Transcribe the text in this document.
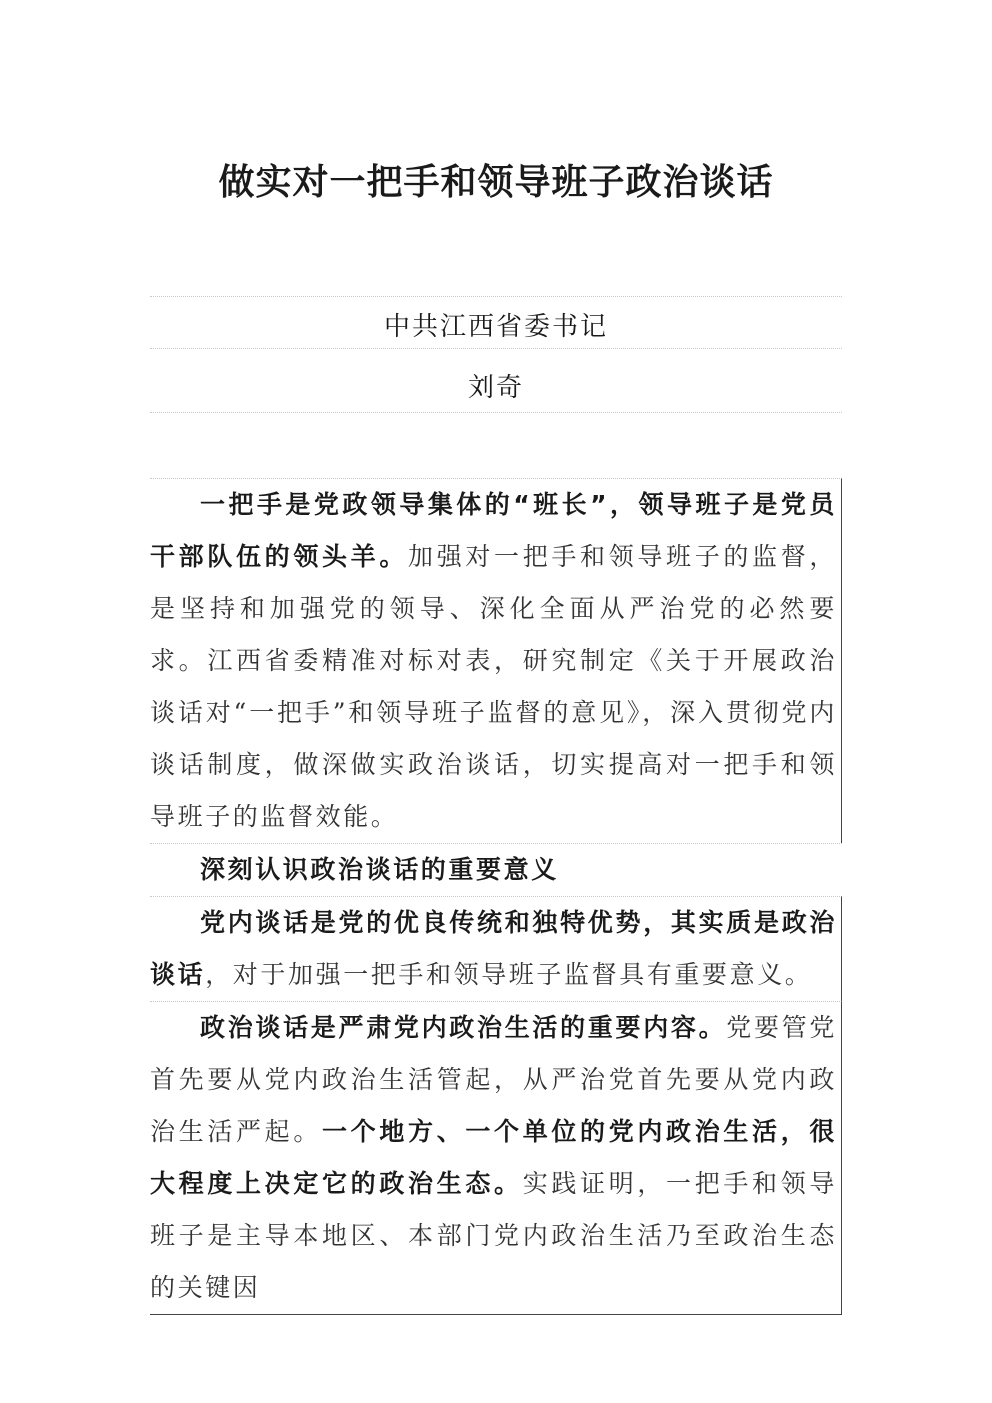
做实对一把手和领导班子政治谈话
中共江西省委书记
刘奇

一把手是党政领导集体的“班长”，领导班子是党员干部队伍的领头羊。加强对一把手和领导班子的监督，是坚持和加强党的领导、深化全面从严治党的必然要求。江西省委精准对标对表，研究制定《关于开展政治谈话对“一把手”和领导班子监督的意见》，深入贯彻党内谈话制度，做深做实政治谈话，切实提高对一把手和领导班子的监督效能。

深刻认识政治谈话的重要意义

党内谈话是党的优良传统和独特优势，其实质是政治谈话，对于加强一把手和领导班子监督具有重要意义。

政治谈话是严肃党内政治生活的重要内容。党要管党首先要从党内政治生活管起，从严治党首先要从党内政治生活严起。一个地方、一个单位的党内政治生活，很大程度上决定它的政治生态。实践证明，一把手和领导班子是主导本地区、本部门党内政治生活乃至政治生态的关键因
